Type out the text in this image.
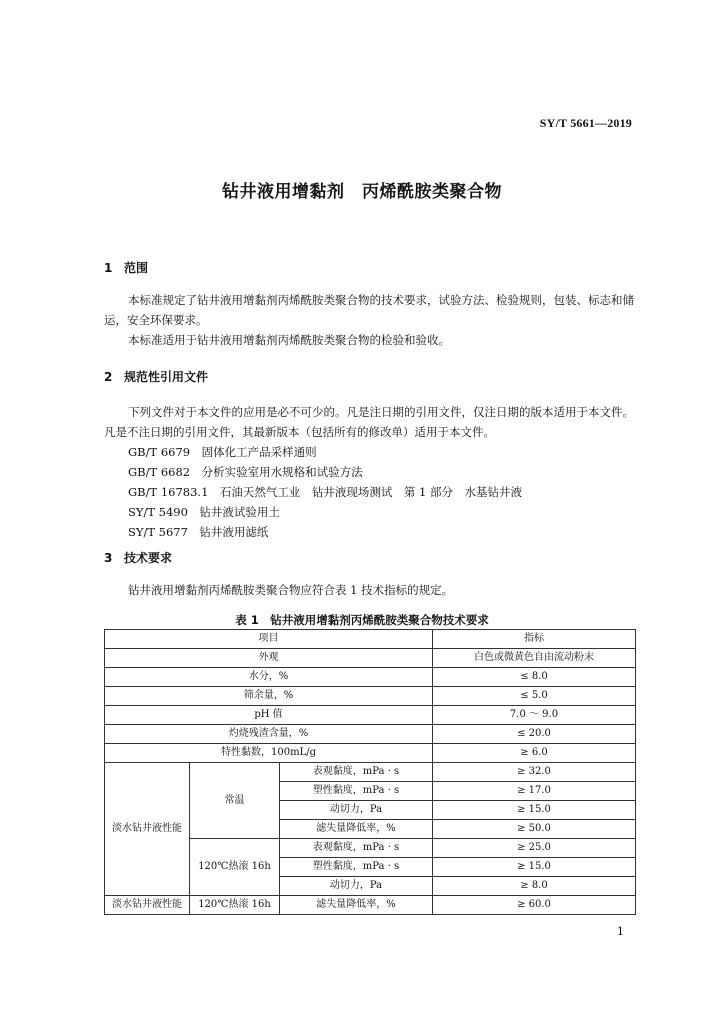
SY/T 5661—2019
钻井液用增黏剂　丙烯酰胺类聚合物
1 范围

本标准规定了钻井液用增黏剂丙烯酰胺类聚合物的技术要求，试验方法、检验规则，包装、标志和储运，安全环保要求。

本标准适用于钻井液用增黏剂丙烯酰胺类聚合物的检验和验收。

2 规范性引用文件

下列文件对于本文件的应用是必不可少的。凡是注日期的引用文件，仅注日期的版本适用于本文件。凡是不注日期的引用文件，其最新版本（包括所有的修改单）适用于本文件。

GB/T 6679　固体化工产品采样通则

GB/T 6682　分析实验室用水规格和试验方法

GB/T 16783.1　石油天然气工业　钻井液现场测试　第 1 部分　水基钻井液

SY/T 5490　钻井液试验用土

SY/T 5677　钻井液用滤纸

3 技术要求

钻井液用增黏剂丙烯酰胺类聚合物应符合表 1 技术指标的规定。

表 1　钻井液用增黏剂丙烯酰胺类聚合物技术要求
项目			指标
外观			白色或微黄色自由流动粉末
水分，%			≤ 8.0
筛余量，%			≤ 5.0
pH 值			7.0 ～ 9.0
灼烧残渣含量，%			≤ 20.0
特性黏数，100mL/g			≥ 6.0
淡水钻井液性能	常温	表观黏度，mPa · s	≥ 32.0
		塑性黏度，mPa · s	≥ 17.0
		动切力，Pa	≥ 15.0
		滤失量降低率，%	≥ 50.0
	120℃热滚 16h	表观黏度，mPa · s	≥ 25.0
		塑性黏度，mPa · s	≥ 15.0
		动切力，Pa	≥ 8.0
淡水钻井液性能	120℃热滚 16h	滤失量降低率，%	≥ 60.0
1
